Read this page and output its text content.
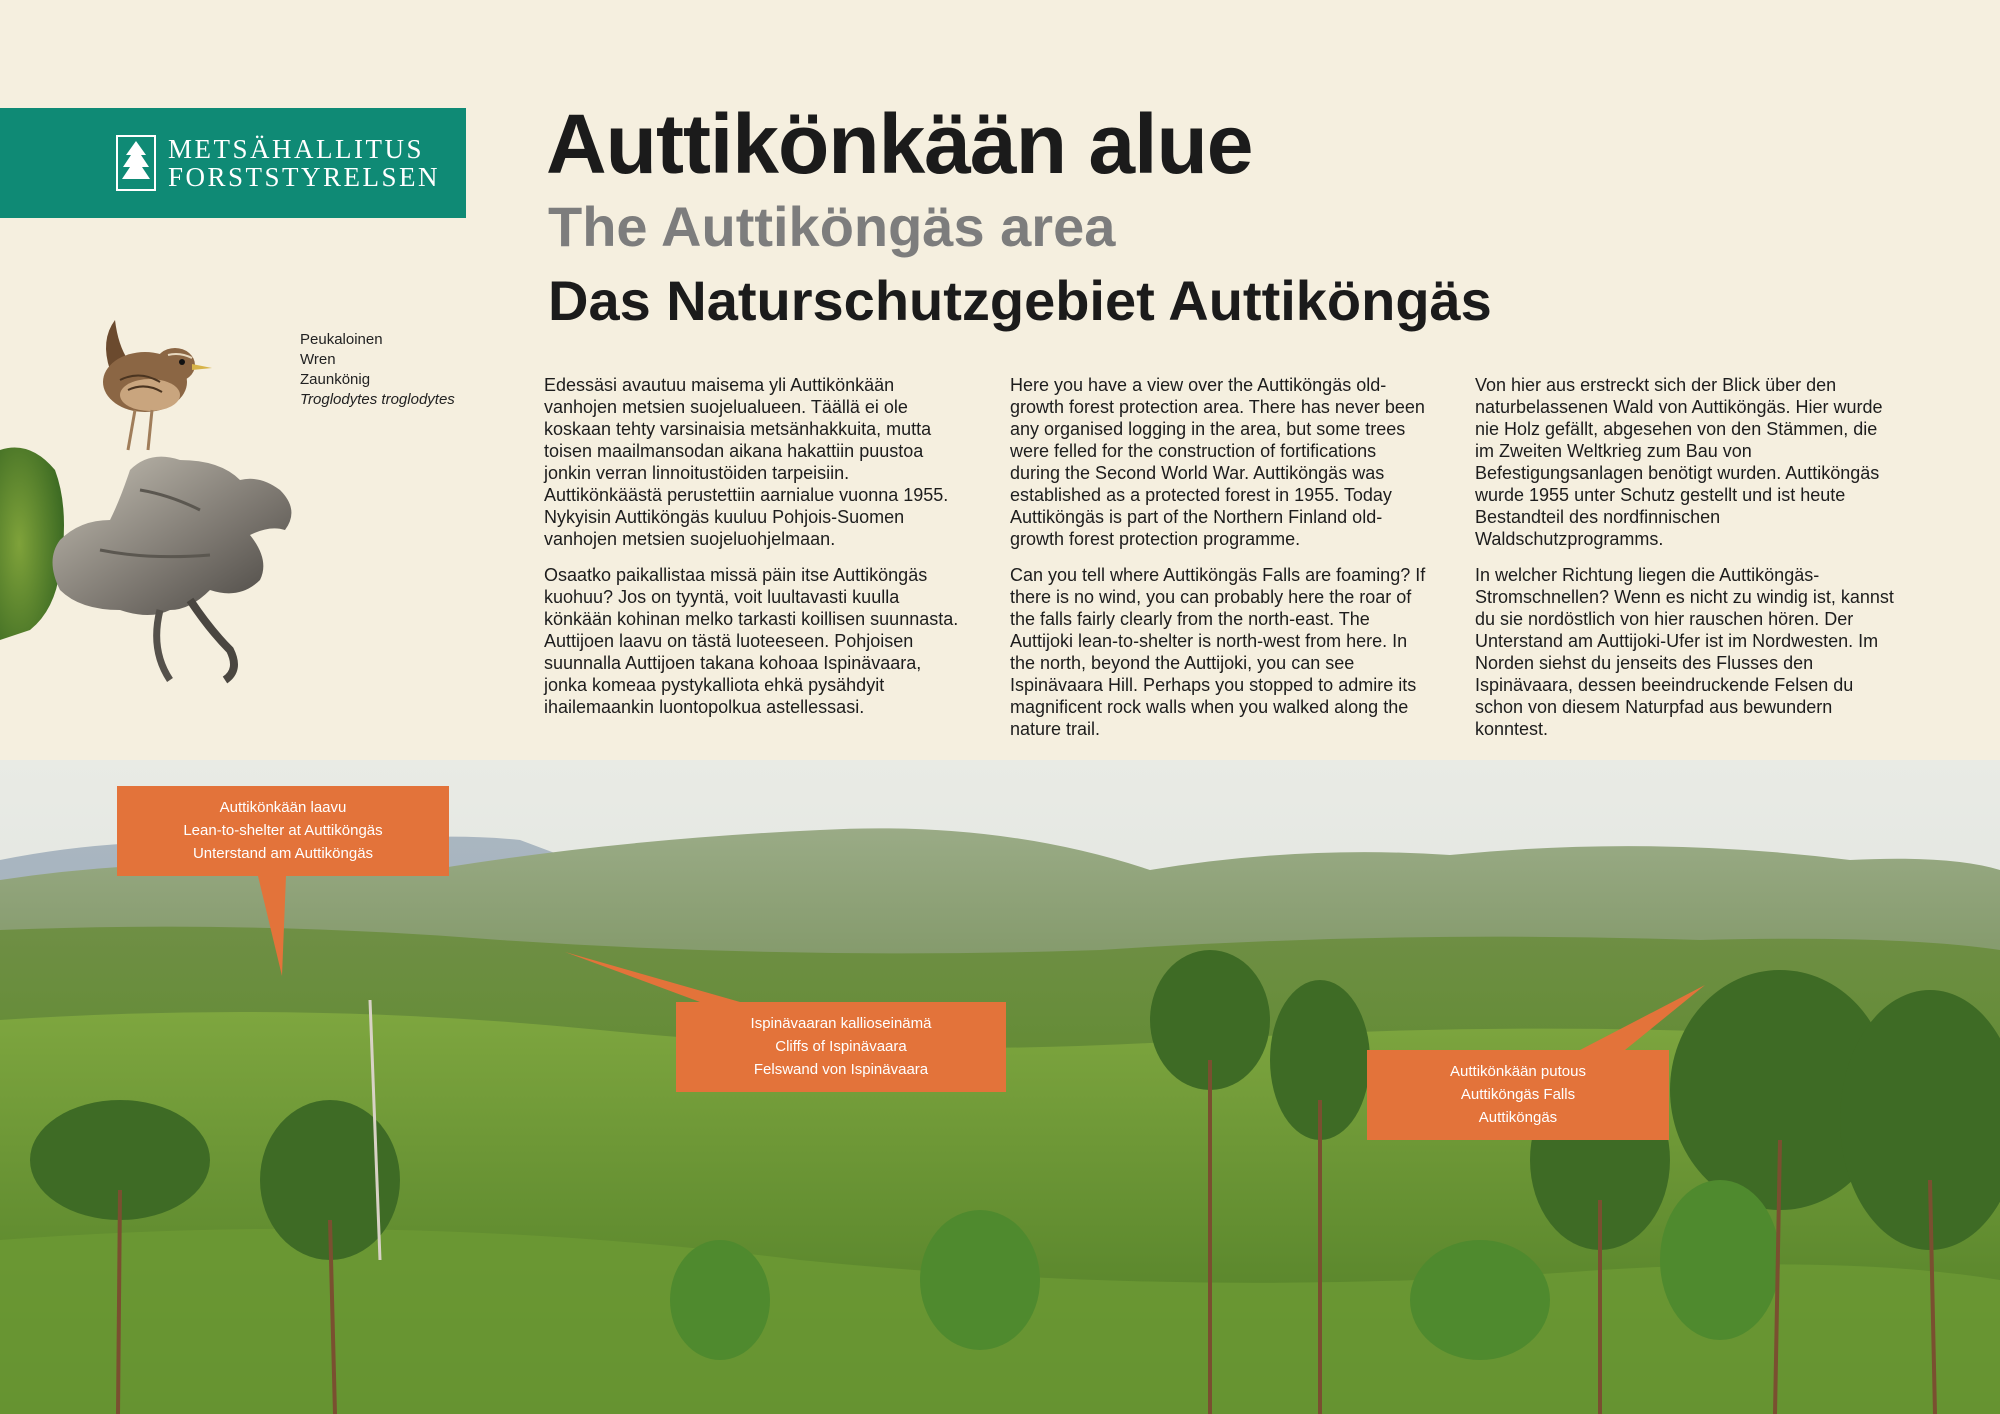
METSÄHALLITUS
FORSTSTYRELSEN Auttikönkään alue
The Auttiköngäs area
Das Naturschutzgebiet Auttiköngäs
Peukaloinen
Wren
Zaunkönig
Troglodytes troglodytes

Edessäsi avautuu maisema yli Auttikönkään vanhojen metsien suojelualueen. Täällä ei ole koskaan tehty varsinaisia metsänhakkuita, mutta toisen maailmansodan aikana hakattiin puustoa jonkin verran linnoitustöiden tarpeisiin. Auttikönkäästä perustettiin aarnialue vuonna 1955. Nykyisin Auttiköngäs kuuluu Pohjois-Suomen vanhojen metsien suojeluohjelmaan.

Osaatko paikallistaa missä päin itse Auttiköngäs kuohuu? Jos on tyyntä, voit luultavasti kuulla könkään kohinan melko tarkasti koillisen suunnasta. Auttijoen laavu on tästä luoteeseen. Pohjoisen suunnalla Auttijoen takana kohoaa Ispinävaara, jonka komeaa pystykalliota ehkä pysähdyit ihailemaankin luontopolkua astellessasi.

Here you have a view over the Auttiköngäs old-growth forest protection area. There has never been any organised logging in the area, but some trees were felled for the construction of fortifications during the Second World War. Auttiköngäs was established as a protected forest in 1955. Today Auttiköngäs is part of the Northern Finland old-growth forest protection programme.

Can you tell where Auttiköngäs Falls are foaming? If there is no wind, you can probably here the roar of the falls fairly clearly from the north-east. The Auttijoki lean-to-shelter is north-west from here. In the north, beyond the Auttijoki, you can see Ispinävaara Hill. Perhaps you stopped to admire its magnificent rock walls when you walked along the nature trail.

Von hier aus erstreckt sich der Blick über den naturbelassenen Wald von Auttiköngäs. Hier wurde nie Holz gefällt, abgesehen von den Stämmen, die im Zweiten Weltkrieg zum Bau von Befestigungsanlagen benötigt wurden. Auttiköngäs wurde 1955 unter Schutz gestellt und ist heute Bestandteil des nordfinnischen Waldschutzprogramms.

In welcher Richtung liegen die Auttiköngäs-Stromschnellen? Wenn es nicht zu windig ist, kannst du sie nordöstlich von hier rauschen hören. Der Unterstand am Auttijoki-Ufer ist im Nordwesten. Im Norden siehst du jenseits des Flusses den Ispinävaara, dessen beeindruckende Felsen du schon von diesem Naturpfad aus bewundern konntest.

Auttikönkään laavu
Lean-to-shelter at Auttiköngäs
Unterstand am Auttiköngäs
Ispinävaaran kallioseinämä
Cliffs of Ispinävaara
Felswand von Ispinävaara	Auttikönkään putous
Auttiköngäs Falls
Auttiköngäs
